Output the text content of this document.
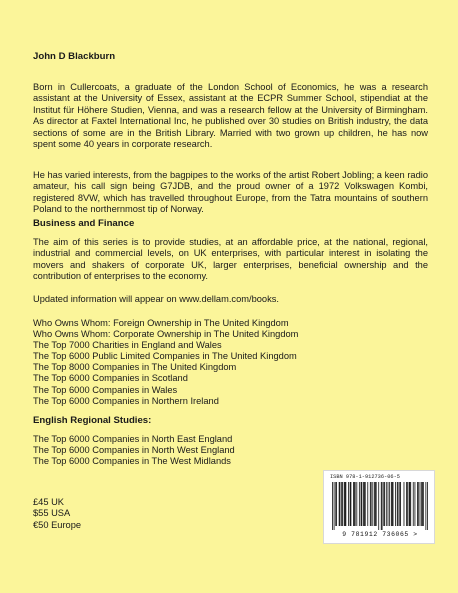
John D Blackburn
Born in Cullercoats, a graduate of the London School of Economics, he was a research assistant at the University of Essex, assistant at the ECPR Summer School, stipendiat at the Institut für Höhere Studien, Vienna, and was a research fellow at the University of Birmingham. As director at Faxtel International Inc, he published over 30 studies on British industry, the data sections of some are in the British Library. Married with two grown up children, he has now spent some 40 years in corporate research.
He has varied interests, from the bagpipes to the works of the artist Robert Jobling; a keen radio amateur, his call sign being G7JDB, and the proud owner of a 1972 Volkswagen Kombi, registered 8VW, which has travelled throughout Europe, from the Tatra mountains of southern Poland to the northernmost tip of Norway.
Business and Finance
The aim of this series is to provide studies, at an affordable price, at the national, regional, industrial and commercial levels, on UK enterprises, with particular interest in isolating the movers and shakers of corporate UK, larger enterprises, beneficial ownership and the contribution of enterprises to the economy.
Updated information will appear on www.dellam.com/books.
Who Owns Whom: Foreign Ownership in The United Kingdom
Who Owns Whom: Corporate Ownership in The United Kingdom
The Top 7000 Charities in England and Wales
The Top 6000 Public Limited Companies in The United Kingdom
The Top 8000 Companies in The United Kingdom
The Top 6000 Companies in Scotland
The Top 6000 Companies in Wales
The Top 6000 Companies in Northern Ireland
English Regional Studies:
The Top 6000 Companies in North East England
The Top 6000 Companies in North West England
The Top 6000 Companies in The West Midlands
£45 UK
$55 USA
€50 Europe
ISBN 978-1-912736-06-5
9 781912 736065 >
